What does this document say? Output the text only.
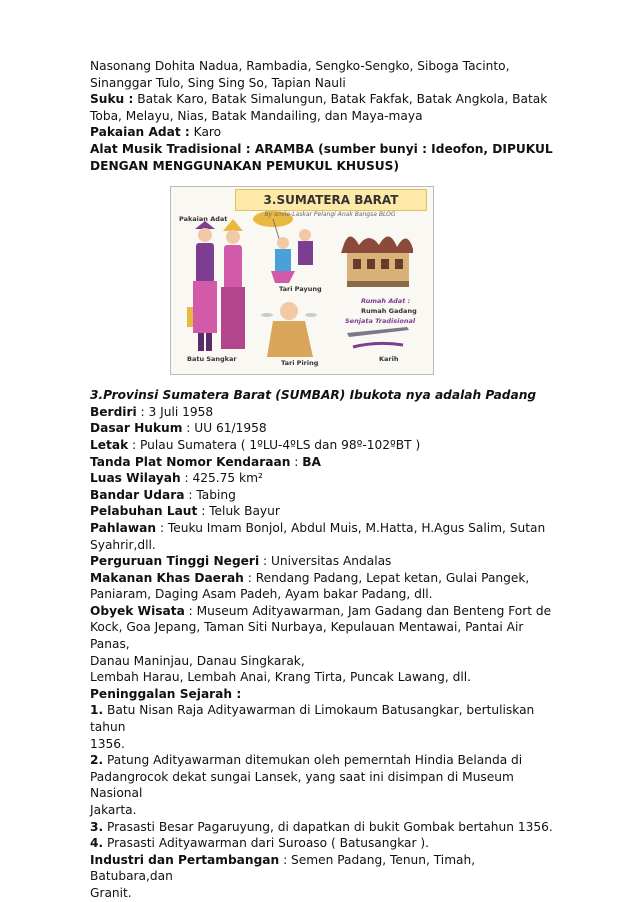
Nasonang Dohita Nadua, Rambadia, Sengko-Sengko, Siboga Tacinto,

Sinanggar Tulo, Sing Sing So, Tapian Nauli

Suku : Batak Karo, Batak Simalungun, Batak Fakfak, Batak Angkola, Batak

Toba, Melayu, Nias, Batak Mandailing, dan Maya-maya

Pakaian Adat : Karo

Alat Musik Tradisional : ARAMBA (sumber bunyi : Ideofon, DIPUKUL

DENGAN MENGGUNAKAN PEMUKUL KHUSUS)

3.SUMATERA BARAT
By smile-Laskar Pelangi Anak Bangsa BLOG
Pakaian Adat
Batu Sangkar
Tari Payung
Tari Piring
Rumah Adat :
Rumah Gadang
Senjata Tradisional
Karih

3.Provinsi Sumatera Barat (SUMBAR) Ibukota nya adalah Padang

Berdiri : 3 Juli 1958

Dasar Hukum : UU 61/1958

Letak : Pulau Sumatera ( 1ºLU-4ºLS dan 98º-102ºBT )

Tanda Plat Nomor Kendaraan : BA

Luas Wilayah : 425.75 km²

Bandar Udara : Tabing

Pelabuhan Laut : Teluk Bayur

Pahlawan : Teuku Imam Bonjol, Abdul Muis, M.Hatta, H.Agus Salim, Sutan

Syahrir,dll.

Perguruan Tinggi Negeri : Universitas Andalas

Makanan Khas Daerah : Rendang Padang, Lepat ketan, Gulai Pangek,

Paniaram, Daging Asam Padeh, Ayam bakar Padang, dll.

Obyek Wisata : Museum Adityawarman, Jam Gadang dan Benteng Fort de

Kock, Goa Jepang, Taman Siti Nurbaya, Kepulauan Mentawai, Pantai Air Panas,

Danau Maninjau, Danau Singkarak,

Lembah Harau, Lembah Anai, Krang Tirta, Puncak Lawang, dll.

Peninggalan Sejarah :

1. Batu Nisan Raja Adityawarman di Limokaum Batusangkar, bertuliskan tahun

1356.

2. Patung Adityawarman ditemukan oleh pemerntah Hindia Belanda di

Padangrocok dekat sungai Lansek, yang saat ini disimpan di Museum Nasional

Jakarta.

3. Prasasti Besar Pagaruyung, di dapatkan di bukit Gombak bertahun 1356.

4. Prasasti Adityawarman dari Suroaso ( Batusangkar ).

Industri dan Pertambangan : Semen Padang, Tenun, Timah, Batubara,dan

Granit.
